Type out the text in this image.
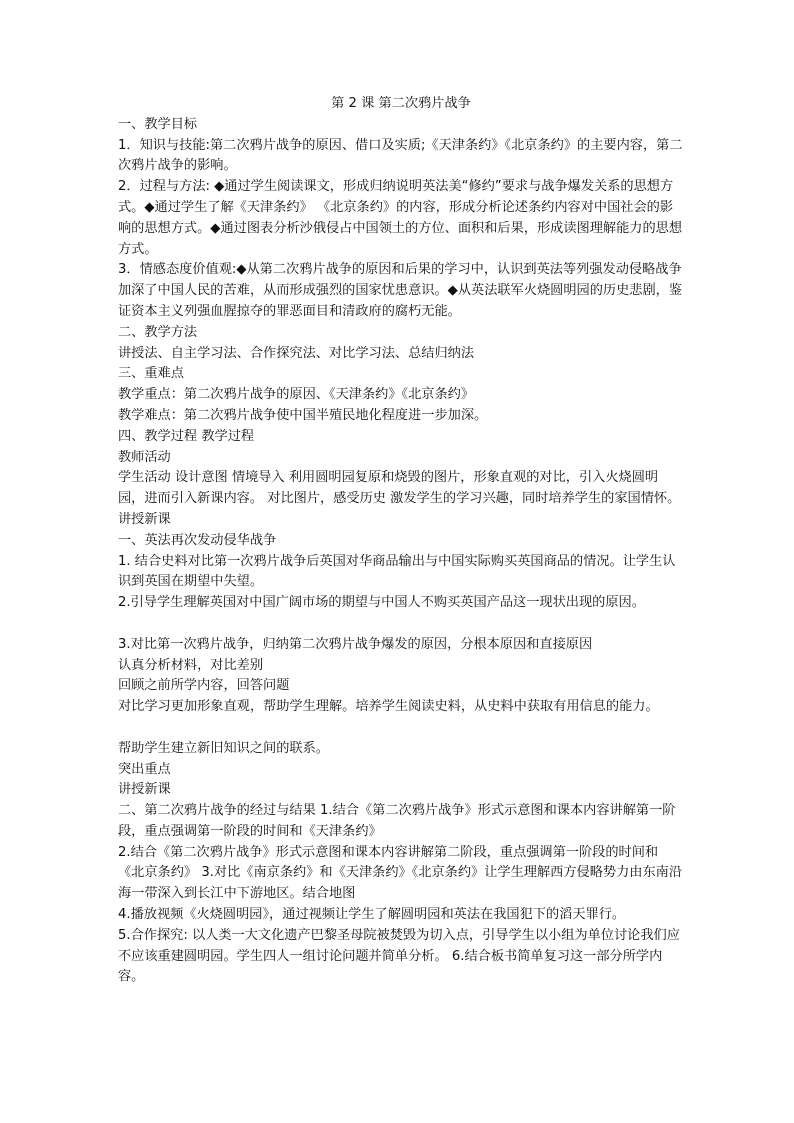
第 2 课 第二次鸦片战争
一、教学目标
1．知识与技能:第二次鸦片战争的原因、借口及实质;《天津条约》《北京条约》的主要内容，第二次鸦片战争的影响。
2．过程与方法: ◆通过学生阅读课文，形成归纳说明英法美“修约”要求与战争爆发关系的思想方式。◆通过学生了解《天津条约》 《北京条约》的内容，形成分析论述条约内容对中国社会的影响的思想方式。◆通过图表分析沙俄侵占中国领土的方位、面积和后果，形成读图理解能力的思想方式。
3．情感态度价值观:◆从第二次鸦片战争的原因和后果的学习中，认识到英法等列强发动侵略战争加深了中国人民的苦难，从而形成强烈的国家忧患意识。◆从英法联军火烧圆明园的历史悲剧，鉴证资本主义列强血腥掠夺的罪恶面目和清政府的腐朽无能。
二、教学方法
讲授法、自主学习法、合作探究法、对比学习法、总结归纳法
三、重难点
教学重点：第二次鸦片战争的原因、《天津条约》《北京条约》
教学难点：第二次鸦片战争使中国半殖民地化程度进一步加深。
四、教学过程 教学过程
教师活动
学生活动 设计意图 情境导入 利用圆明园复原和烧毁的图片，形象直观的对比，引入火烧圆明园，进而引入新课内容。 对比图片，感受历史 激发学生的学习兴趣，同时培养学生的家国情怀。
讲授新课
一、英法再次发动侵华战争
1. 结合史料对比第一次鸦片战争后英国对华商品输出与中国实际购买英国商品的情况。让学生认识到英国在期望中失望。
2.引导学生理解英国对中国广阔市场的期望与中国人不购买英国产品这一现状出现的原因。
3.对比第一次鸦片战争，归纳第二次鸦片战争爆发的原因，分根本原因和直接原因
认真分析材料，对比差别
回顾之前所学内容，回答问题
对比学习更加形象直观，帮助学生理解。培养学生阅读史料，从史料中获取有用信息的能力。
帮助学生建立新旧知识之间的联系。
突出重点
讲授新课
二、第二次鸦片战争的经过与结果 1.结合《第二次鸦片战争》形式示意图和课本内容讲解第一阶段，重点强调第一阶段的时间和《天津条约》
2.结合《第二次鸦片战争》形式示意图和课本内容讲解第二阶段，重点强调第一阶段的时间和《北京条约》 3.对比《南京条约》和《天津条约》《北京条约》让学生理解西方侵略势力由东南沿海一带深入到长江中下游地区。结合地图
4.播放视频《火烧圆明园》，通过视频让学生了解圆明园和英法在我国犯下的滔天罪行。
5.合作探究: 以人类一大文化遗产巴黎圣母院被焚毁为切入点，引导学生以小组为单位讨论我们应不应该重建圆明园。学生四人一组讨论问题并简单分析。 6.结合板书简单复习这一部分所学内容。
